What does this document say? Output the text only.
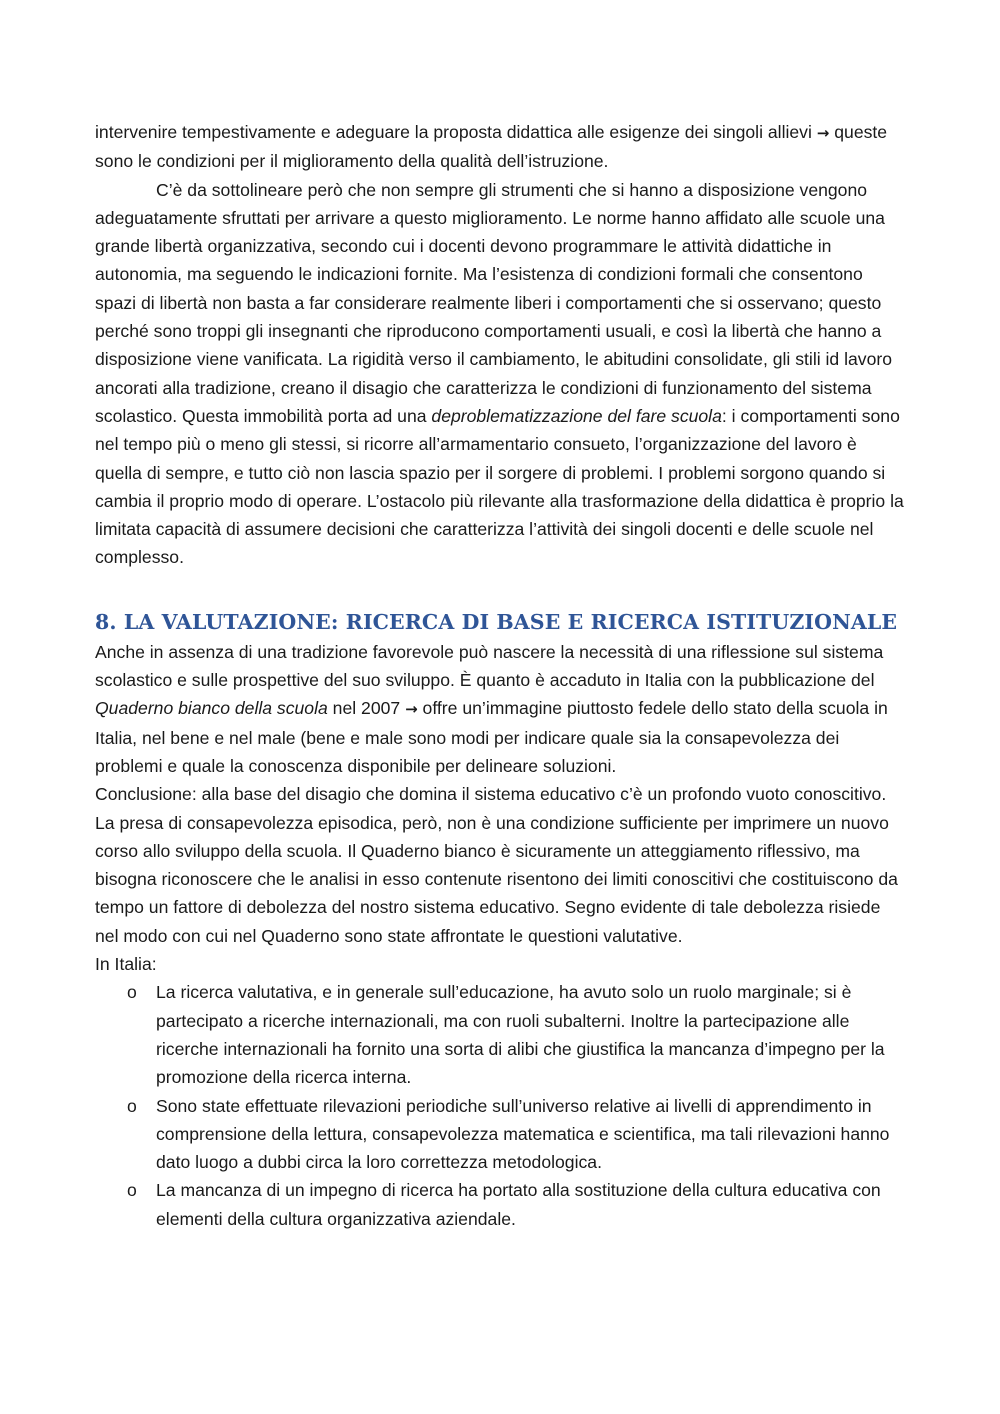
intervenire tempestivamente e adeguare la proposta didattica alle esigenze dei singoli allievi → queste sono le condizioni per il miglioramento della qualità dell’istruzione.

C’è da sottolineare però che non sempre gli strumenti che si hanno a disposizione vengono adeguatamente sfruttati per arrivare a questo miglioramento. Le norme hanno affidato alle scuole una grande libertà organizzativa, secondo cui i docenti devono programmare le attività didattiche in autonomia, ma seguendo le indicazioni fornite. Ma l’esistenza di condizioni formali che consentono spazi di libertà non basta a far considerare realmente liberi i comportamenti che si osservano; questo perché sono troppi gli insegnanti che riproducono comportamenti usuali, e così la libertà che hanno a disposizione viene vanificata. La rigidità verso il cambiamento, le abitudini consolidate, gli stili id lavoro ancorati alla tradizione, creano il disagio che caratterizza le condizioni di funzionamento del sistema scolastico. Questa immobilità porta ad una deproblematizzazione del fare scuola: i comportamenti sono nel tempo più o meno gli stessi, si ricorre all’armamentario consueto, l’organizzazione del lavoro è quella di sempre, e tutto ciò non lascia spazio per il sorgere di problemi. I problemi sorgono quando si cambia il proprio modo di operare. L’ostacolo più rilevante alla trasformazione della didattica è proprio la limitata capacità di assumere decisioni che caratterizza l’attività dei singoli docenti e delle scuole nel complesso.

8. LA VALUTAZIONE: RICERCA DI BASE E RICERCA ISTITUZIONALE

Anche in assenza di una tradizione favorevole può nascere la necessità di una riflessione sul sistema scolastico e sulle prospettive del suo sviluppo. È quanto è accaduto in Italia con la pubblicazione del Quaderno bianco della scuola nel 2007 → offre un’immagine piuttosto fedele dello stato della scuola in Italia, nel bene e nel male (bene e male sono modi per indicare quale sia la consapevolezza dei problemi e quale la conoscenza disponibile per delineare soluzioni.

Conclusione: alla base del disagio che domina il sistema educativo c’è un profondo vuoto conoscitivo. La presa di consapevolezza episodica, però, non è una condizione sufficiente per imprimere un nuovo corso allo sviluppo della scuola. Il Quaderno bianco è sicuramente un atteggiamento riflessivo, ma bisogna riconoscere che le analisi in esso contenute risentono dei limiti conoscitivi che costituiscono da tempo un fattore di debolezza del nostro sistema educativo. Segno evidente di tale debolezza risiede nel modo con cui nel Quaderno sono state affrontate le questioni valutative.

In Italia:

o La ricerca valutativa, e in generale sull’educazione, ha avuto solo un ruolo marginale; si è partecipato a ricerche internazionali, ma con ruoli subalterni. Inoltre la partecipazione alle ricerche internazionali ha fornito una sorta di alibi che giustifica la mancanza d’impegno per la promozione della ricerca interna.
o Sono state effettuate rilevazioni periodiche sull’universo relative ai livelli di apprendimento in comprensione della lettura, consapevolezza matematica e scientifica, ma tali rilevazioni hanno dato luogo a dubbi circa la loro correttezza metodologica.
o La mancanza di un impegno di ricerca ha portato alla sostituzione della cultura educativa con elementi della cultura organizzativa aziendale.
